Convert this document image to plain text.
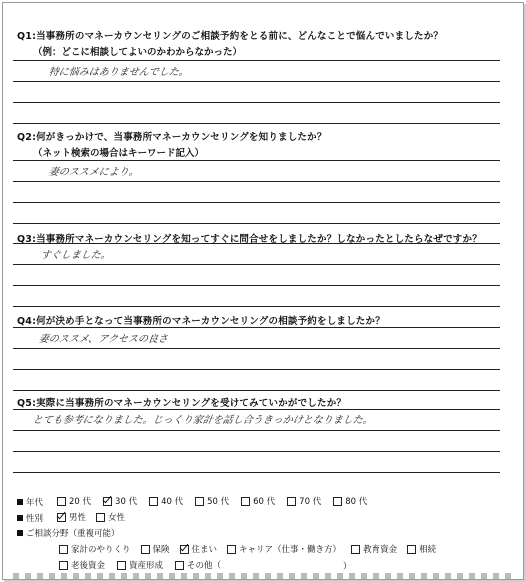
Q1:当事務所のマネーカウンセリングのご相談予約をとる前に、どんなことで悩んでいましたか？
（例：どこに相談してよいのかわからなかった）
特に悩みはありませんでした。
Q2:何がきっかけで、当事務所マネーカウンセリングを知りましたか？
（ネット検索の場合はキーワード記入）
妻のススメにより。
Q3:当事務所マネーカウンセリングを知ってすぐに問合せをしましたか？しなかったとしたらなぜですか？
すぐしました。
Q4:何が決め手となって当事務所のマネーカウンセリングの相談予約をしましたか？
妻のススメ、アクセスの良さ
Q5:実際に当事務所のマネーカウンセリングを受けてみていかがでしたか？
とても参考になりました。じっくり家計を話し合うきっかけとなりました。
年代	20 代	30 代	40 代	50 代	60 代	70 代	80 代
性別	男性	女性
ご相談分野（重複可能）
家計のやりくり	保険	住まい	キャリア（仕事・働き方）	教育資金	相続
老後資金	資産形成	その他（	）
